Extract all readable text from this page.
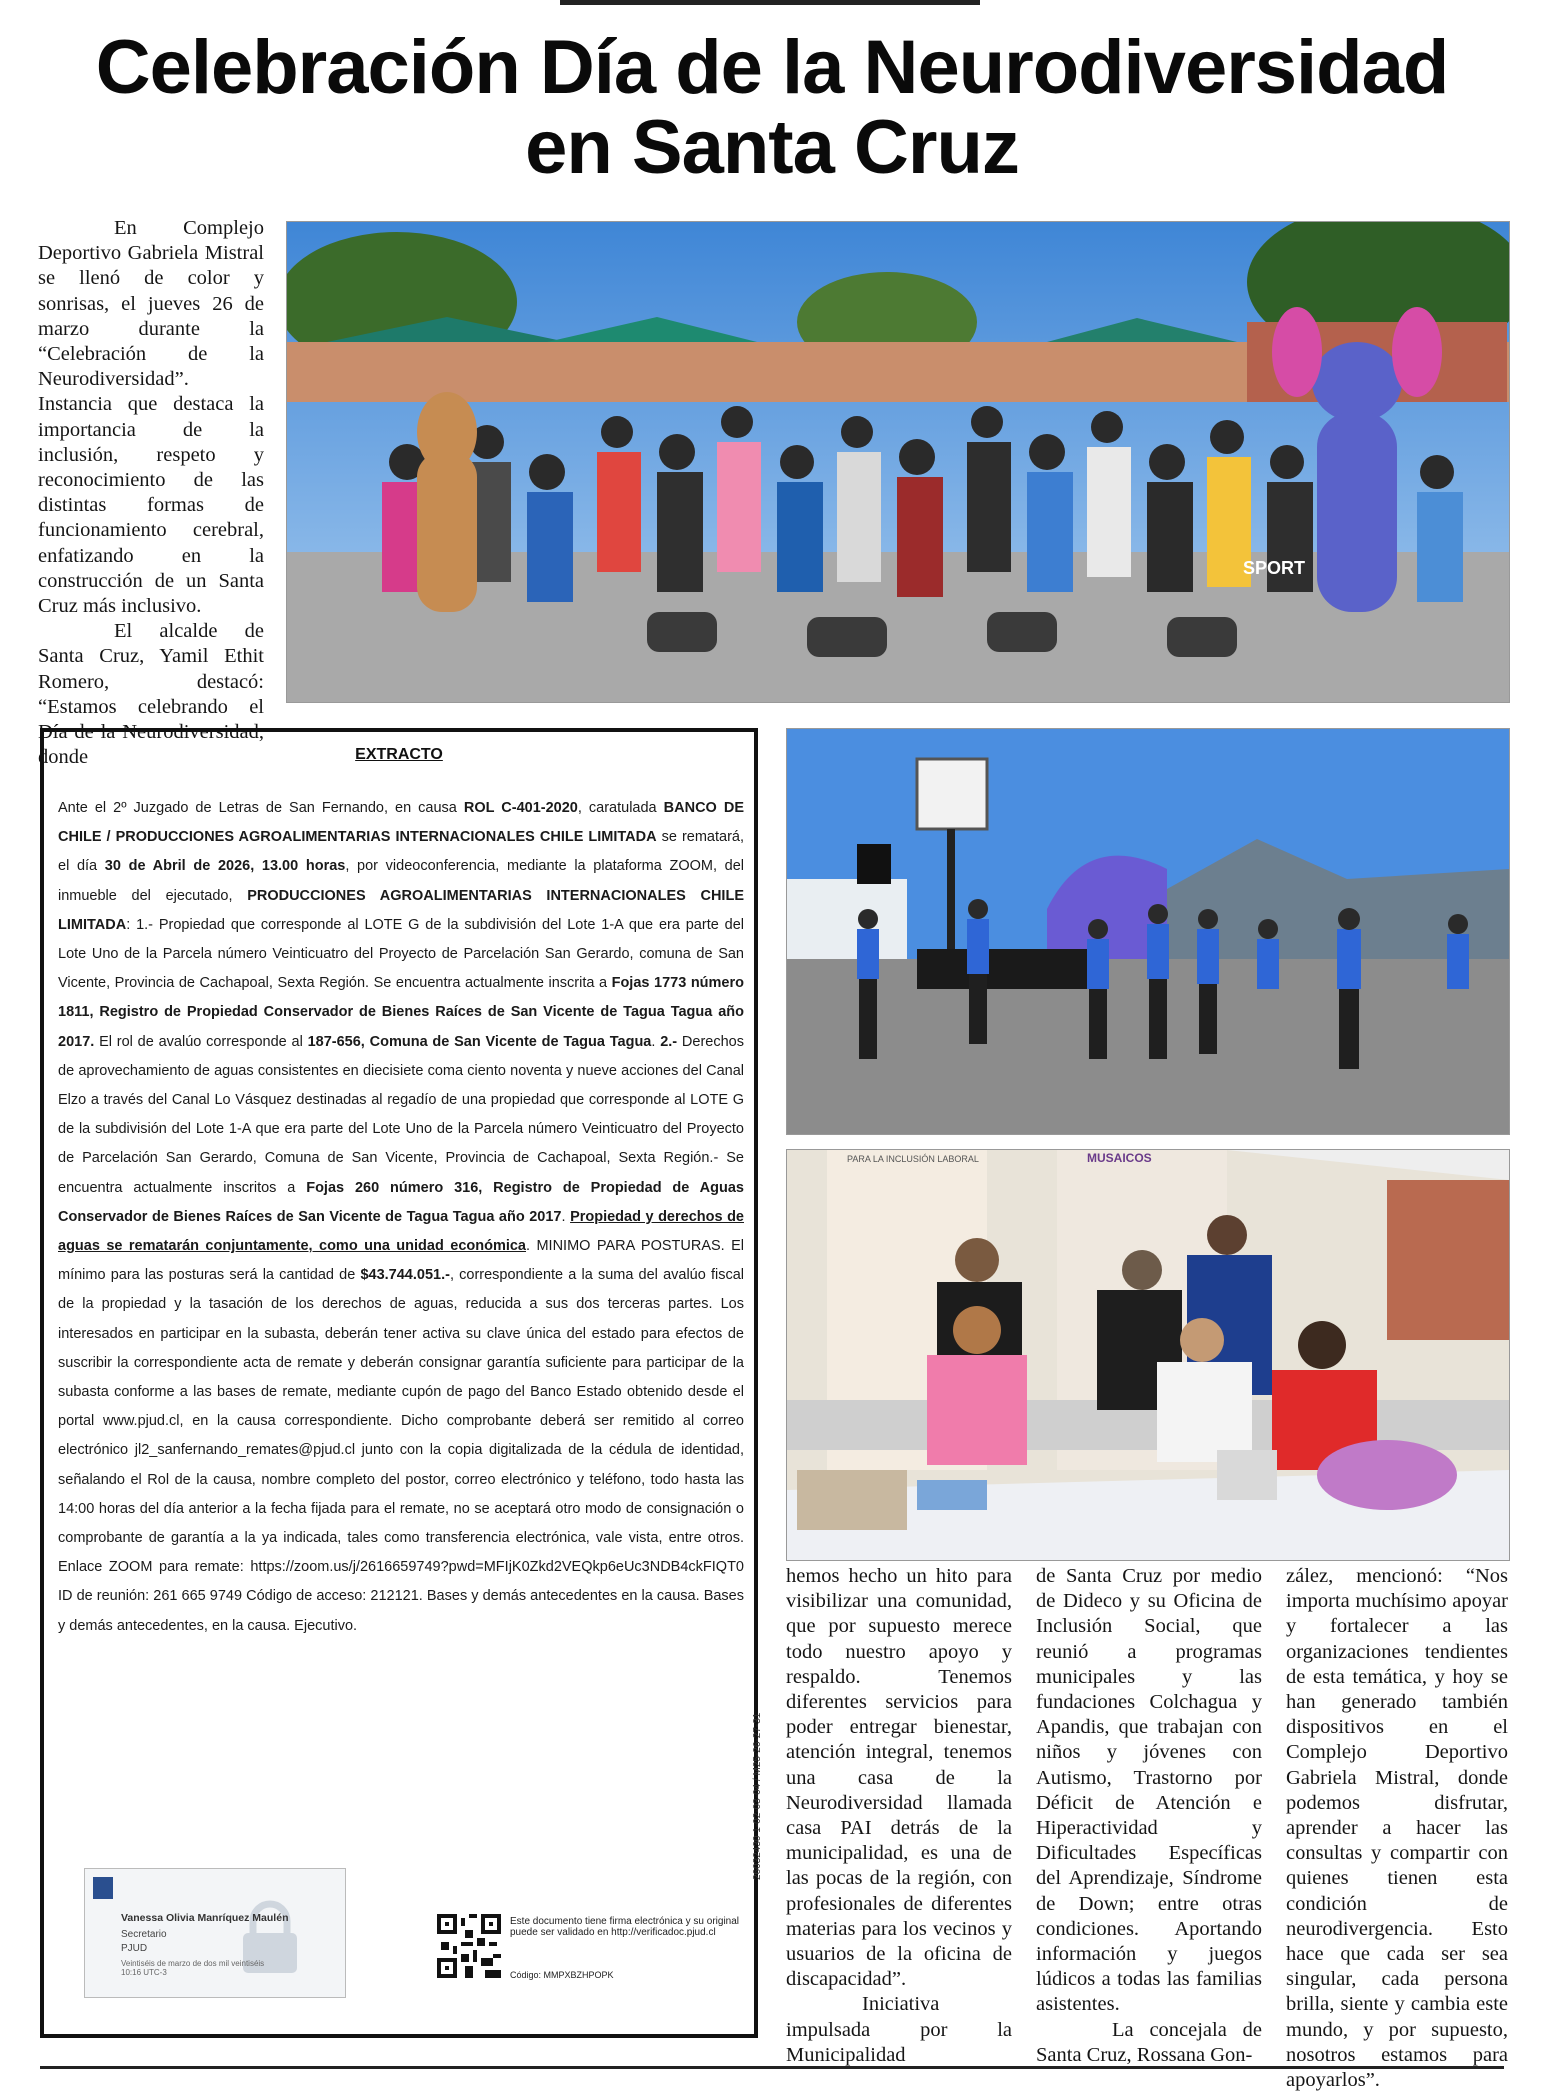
Celebración Día de la Neurodiversidad
en Santa Cruz

En Complejo Deportivo Gabriela Mistral se llenó de color y sonrisas, el jueves 26 de marzo durante la “Celebración de la Neurodiversidad”. Instancia que destaca la importancia de la inclusión, respeto y reconocimiento de las distintas formas de funcionamiento cerebral, enfatizando en la construcción de un Santa Cruz más inclusivo.

El alcalde de Santa Cruz, Yamil Ethit Romero, destacó: “Estamos celebrando el Día de la Neurodiversidad, donde

SPORT
PARA LA INCLUSIÓN LABORAL	MUSAICOS
EXTRACTO
Ante el 2º Juzgado de Letras de San Fernando, en causa ROL C-401-2020, caratulada BANCO DE CHILE / PRODUCCIONES AGROALIMENTARIAS INTERNACIONALES CHILE LIMITADA se rematará, el día 30 de Abril de 2026, 13.00 horas, por videoconferencia, mediante la plataforma ZOOM, del inmueble del ejecutado, PRODUCCIONES AGROALIMENTARIAS INTERNACIONALES CHILE LIMITADA: 1.- Propiedad que corresponde al LOTE G de la subdivisión del Lote 1-A que era parte del Lote Uno de la Parcela número Veinticuatro del Proyecto de Parcelación San Gerardo, comuna de San Vicente, Provincia de Cachapoal, Sexta Región. Se encuentra actualmente inscrita a Fojas 1773 número 1811, Registro de Propiedad Conservador de Bienes Raíces de San Vicente de Tagua Tagua año 2017. El rol de avalúo corresponde al 187-656, Comuna de San Vicente de Tagua Tagua. 2.- Derechos de aprovechamiento de aguas consistentes en diecisiete coma ciento noventa y nueve acciones del Canal Elzo a través del Canal Lo Vásquez destinadas al regadío de una propiedad que corresponde al LOTE G de la subdivisión del Lote 1-A que era parte del Lote Uno de la Parcela número Veinticuatro del Proyecto de Parcelación San Gerardo, Comuna de San Vicente, Provincia de Cachapoal, Sexta Región.- Se encuentra actualmente inscritos a Fojas 260 número 316, Registro de Propiedad de Aguas Conservador de Bienes Raíces de San Vicente de Tagua Tagua año 2017. Propiedad y derechos de aguas se rematarán conjuntamente, como una unidad económica. MINIMO PARA POSTURAS. El mínimo para las posturas será la cantidad de $43.744.051.-, correspondiente a la suma del avalúo fiscal de la propiedad y la tasación de los derechos de aguas, reducida a sus dos terceras partes. Los interesados en participar en la subasta, deberán tener activa su clave única del estado para efectos de suscribir la correspondiente acta de remate y deberán consignar garantía suficiente para participar de la subasta conforme a las bases de remate, mediante cupón de pago del Banco Estado obtenido desde el portal www.pjud.cl, en la causa correspondiente. Dicho comprobante deberá ser remitido al correo electrónico jl2_sanfernando_remates@pjud.cl junto con la copia digitalizada de la cédula de identidad, señalando el Rol de la causa, nombre completo del postor, correo electrónico y teléfono, todo hasta las 14:00 horas del día anterior a la fecha fijada para el remate, no se aceptará otro modo de consignación o comprobante de garantía a la ya indicada, tales como transferencia electrónica, vale vista, entre otros. Enlace ZOOM para remate: https://zoom.us/j/2616659749?pwd=MFIjK0Zkd2VEQkp6eUc3NDB4ckFIQT0 ID de reunión: 261 665 9749 Código de acceso: 212121. Bases y demás antecedentes en la causa. Bases y demás antecedentes, en la causa. Ejecutivo.
Vanessa Olivia Manríquez Maulén
Secretario
PJUD
Veintiséis de marzo de dos mil veintiséis 10:16 UTC-3
Este documento tiene firma electrónica y su original puede ser validado en http://verificadoc.pjud.cl
Código: MMPXBZHPOPK
26032430 1-02-03-04 / M25-26-27-31

hemos hecho un hito para visibilizar una comunidad, que por supuesto merece todo nuestro apoyo y respaldo. Tenemos diferentes servicios para poder entregar bienestar, atención integral, tenemos una casa de la Neurodiversidad llamada casa PAI detrás de la municipalidad, es una de las pocas de la región, con profesionales de diferentes materias para los vecinos y usuarios de la oficina de discapacidad”.

Iniciativa impulsada por la Municipalidad

de Santa Cruz por medio de Dideco y su Oficina de Inclusión Social, que reunió a programas municipales y las fundaciones Colchagua y Apandis, que trabajan con niños y jóvenes con Autismo, Trastorno por Déficit de Atención e Hiperactividad y Dificultades Específicas del Aprendizaje, Síndrome de Down; entre otras condiciones. Aportando información y juegos lúdicos a todas las familias asistentes.

La concejala de Santa Cruz, Rossana Gon-

zález, mencionó: “Nos importa muchísimo apoyar y fortalecer a las organizaciones tendientes de esta temática, y hoy se han generado también dispositivos en el Complejo Deportivo Gabriela Mistral, donde podemos disfrutar, aprender a hacer las consultas y compartir con quienes tienen esta condición de neurodivergencia. Esto hace que cada ser sea singular, cada persona brilla, siente y cambia este mundo, y por supuesto, nosotros estamos para apoyarlos”.
